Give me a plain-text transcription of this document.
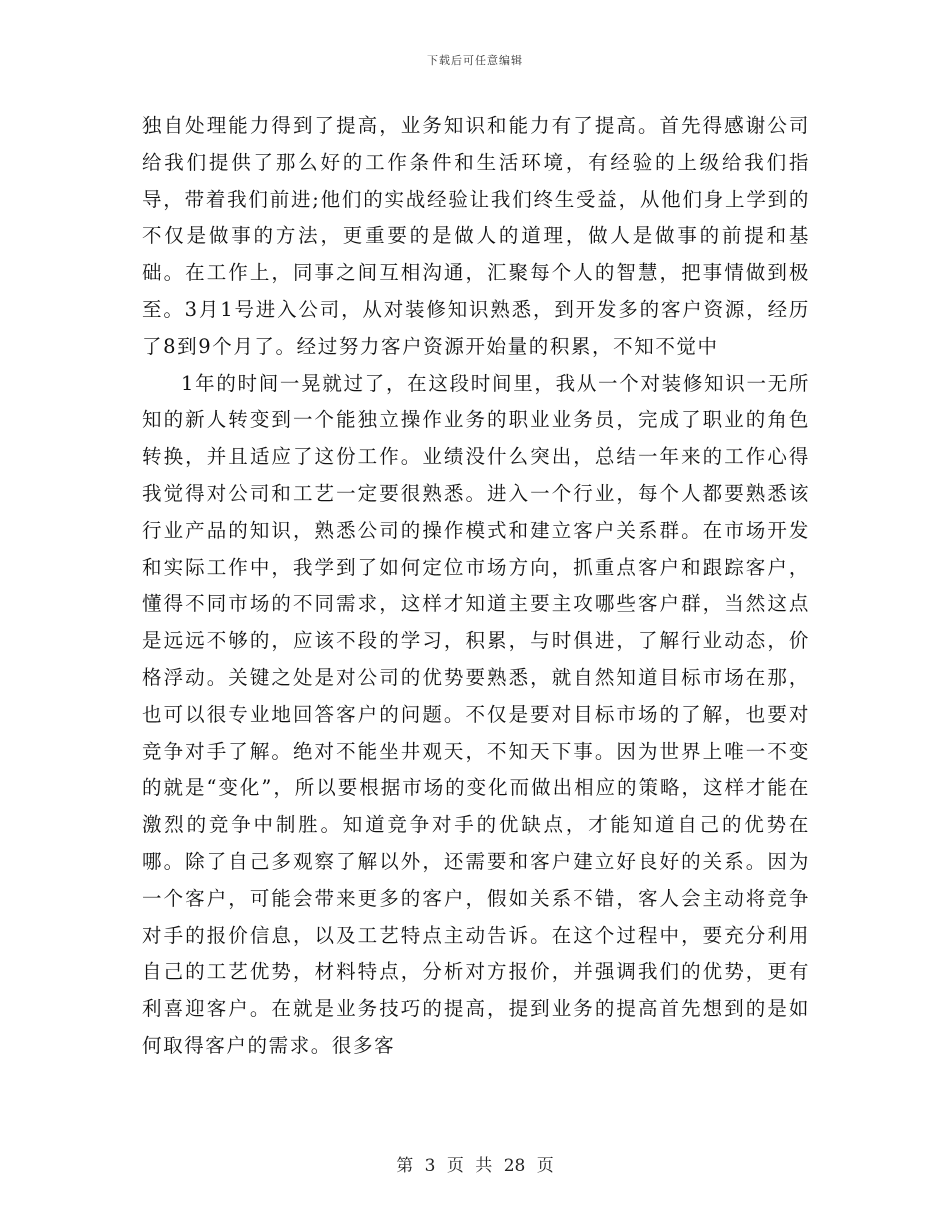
下载后可任意编辑

独自处理能力得到了提高，业务知识和能力有了提高。首先得感谢公司给我们提供了那么好的工作条件和生活环境，有经验的上级给我们指导，带着我们前进;他们的实战经验让我们终生受益，从他们身上学到的不仅是做事的方法，更重要的是做人的道理，做人是做事的前提和基础。在工作上，同事之间互相沟通，汇聚每个人的智慧，把事情做到极至。3月1号进入公司，从对装修知识熟悉，到开发多的客户资源，经历了8到9个月了。经过努力客户资源开始量的积累，不知不觉中

1年的时间一晃就过了，在这段时间里，我从一个对装修知识一无所知的新人转变到一个能独立操作业务的职业业务员，完成了职业的角色转换，并且适应了这份工作。业绩没什么突出，总结一年来的工作心得我觉得对公司和工艺一定要很熟悉。进入一个行业，每个人都要熟悉该行业产品的知识，熟悉公司的操作模式和建立客户关系群。在市场开发和实际工作中，我学到了如何定位市场方向，抓重点客户和跟踪客户，懂得不同市场的不同需求，这样才知道主要主攻哪些客户群，当然这点是远远不够的，应该不段的学习，积累，与时俱进，了解行业动态，价格浮动。关键之处是对公司的优势要熟悉，就自然知道目标市场在那，也可以很专业地回答客户的问题。不仅是要对目标市场的了解，也要对竞争对手了解。绝对不能坐井观天，不知天下事。因为世界上唯一不变的就是“变化”，所以要根据市场的变化而做出相应的策略，这样才能在激烈的竞争中制胜。知道竞争对手的优缺点，才能知道自己的优势在哪。除了自己多观察了解以外，还需要和客户建立好良好的关系。因为一个客户，可能会带来更多的客户，假如关系不错，客人会主动将竞争对手的报价信息，以及工艺特点主动告诉。在这个过程中，要充分利用自己的工艺优势，材料特点，分析对方报价，并强调我们的优势，更有利喜迎客户。在就是业务技巧的提高，提到业务的提高首先想到的是如何取得客户的需求。很多客

第 3 页 共 28 页
